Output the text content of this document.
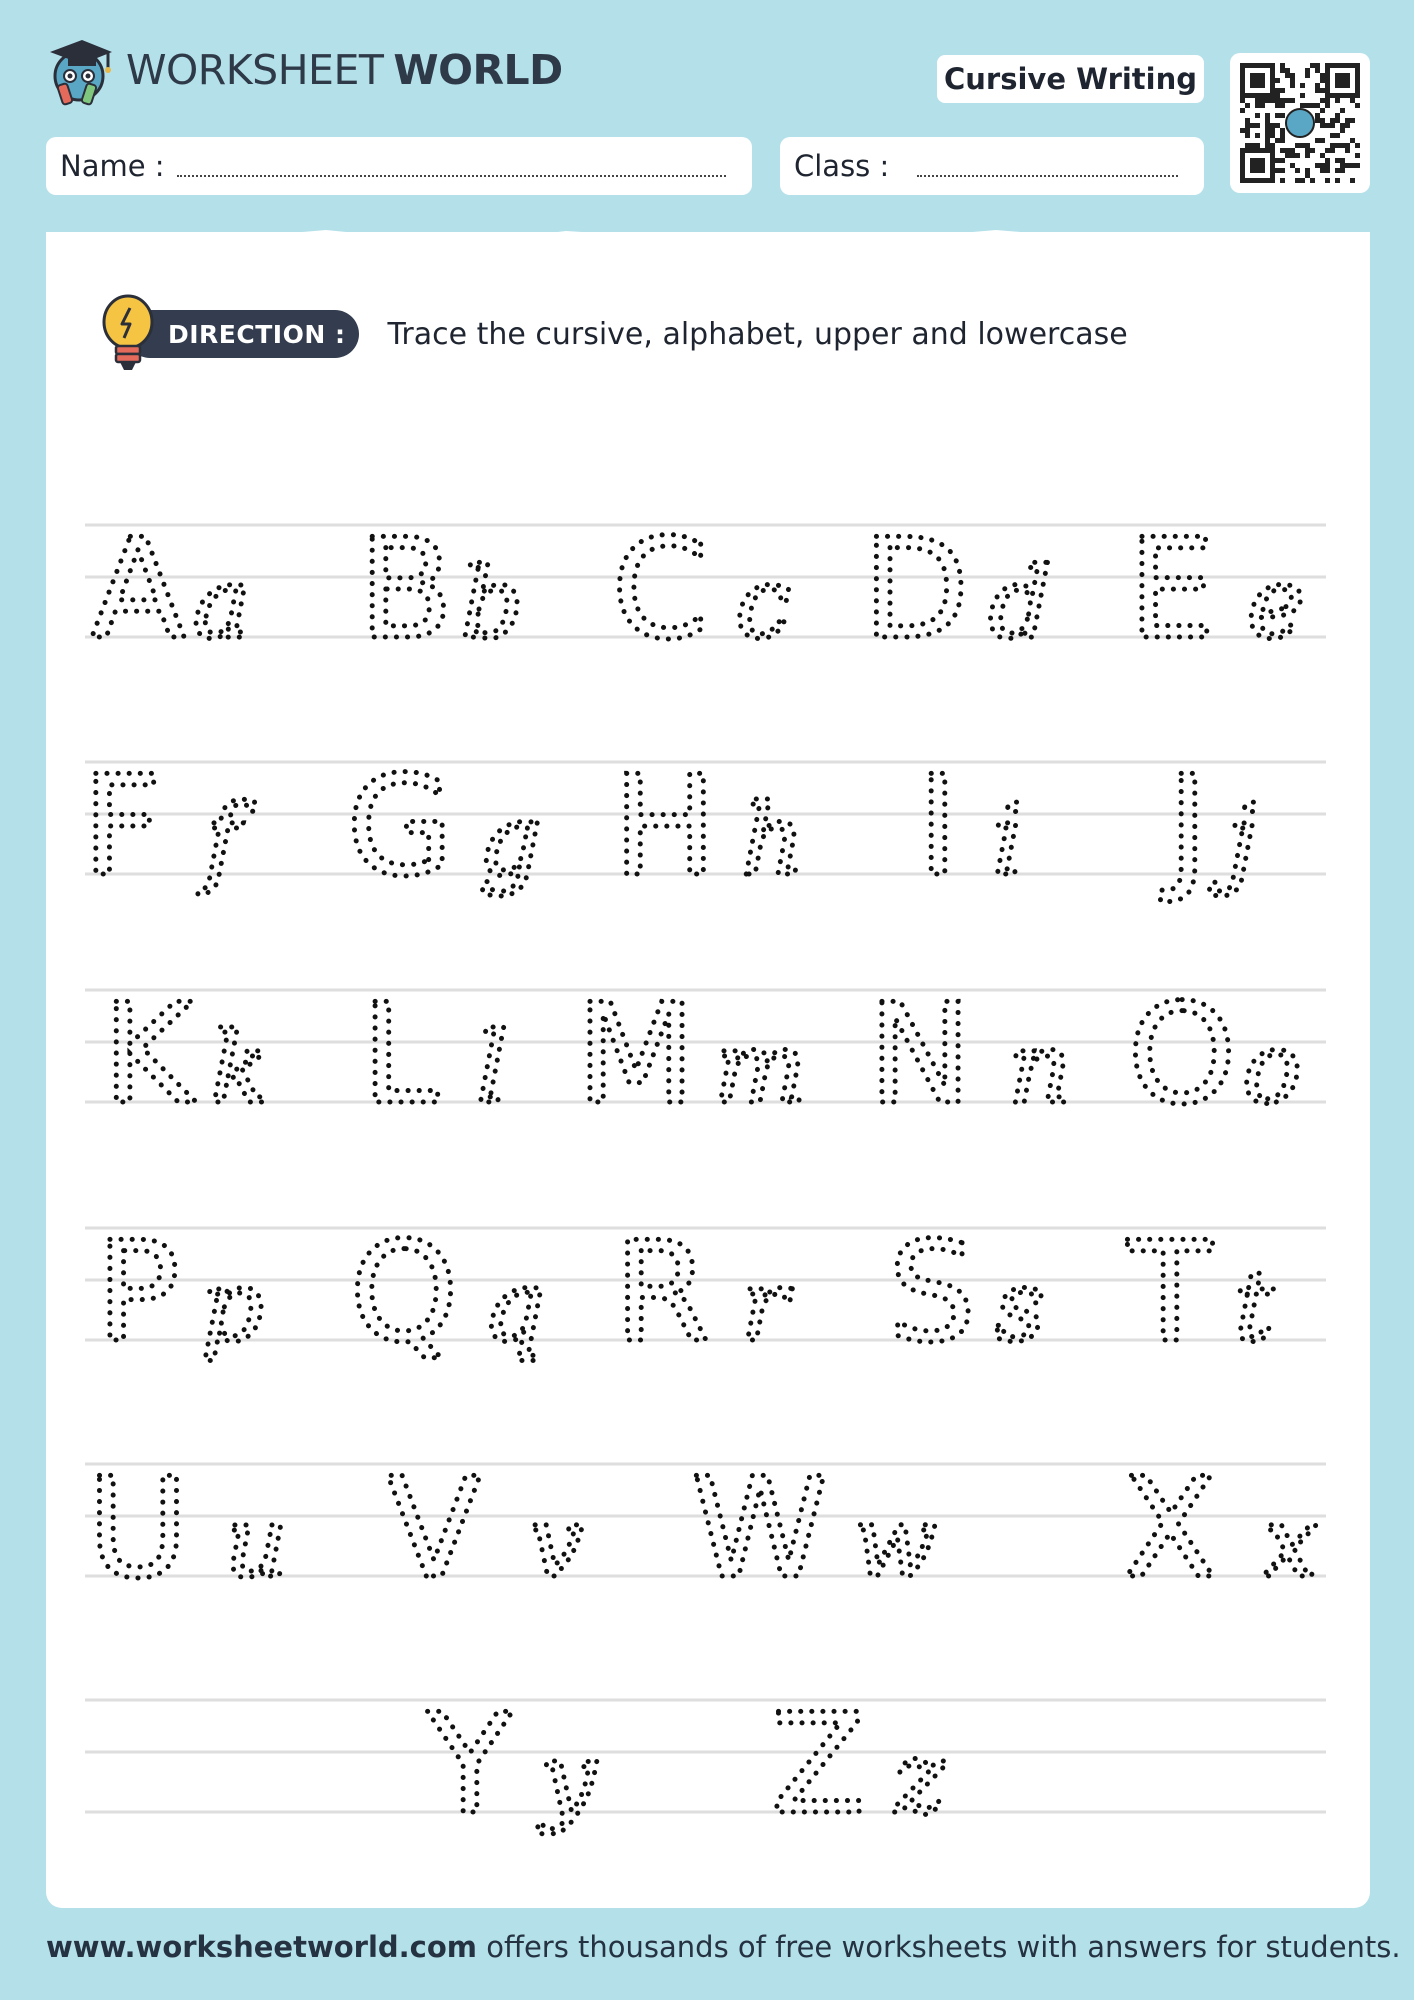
WORKSHEET WORLD	Cursive Writing
Name :	Class :
DIRECTION :	Trace the cursive, alphabet, upper and lowercase
A a B b C c D d E e
F f G g H h I i J j
K k L l M m N n O o
P p Q q R r S s T t
U u V v W w X x
Y y Z z
www.worksheetworld.com offers thousands of free worksheets with answers for students.
